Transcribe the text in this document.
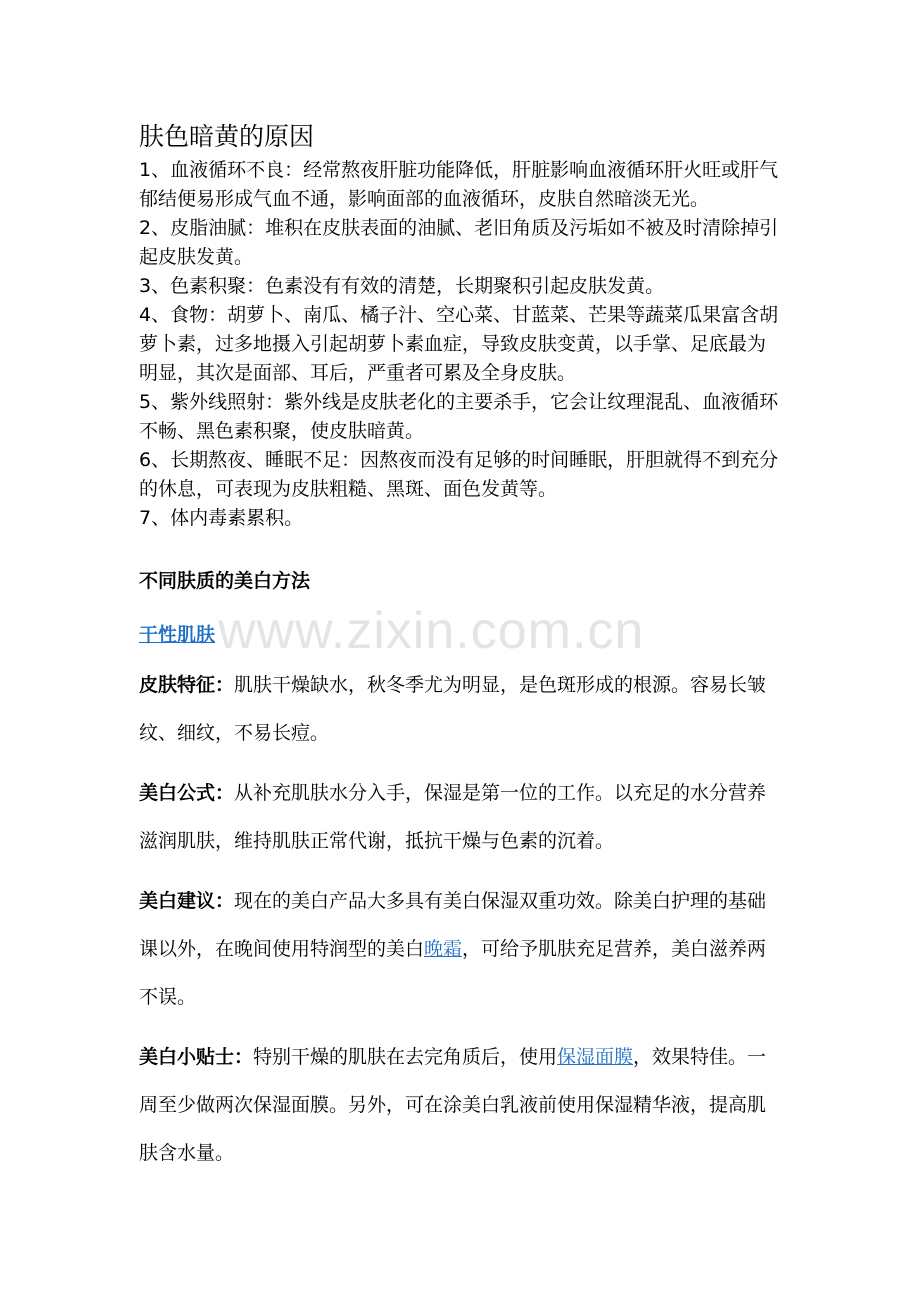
肤色暗黄的原因

1、血液循环不良：经常熬夜肝脏功能降低，肝脏影响血液循环肝火旺或肝气郁结便易形成气血不通，影响面部的血液循环，皮肤自然暗淡无光。

2、皮脂油腻：堆积在皮肤表面的油腻、老旧角质及污垢如不被及时清除掉引起皮肤发黄。

3、色素积聚：色素没有有效的清楚，长期聚积引起皮肤发黄。

4、食物：胡萝卜、南瓜、橘子汁、空心菜、甘蓝菜、芒果等蔬菜瓜果富含胡萝卜素，过多地摄入引起胡萝卜素血症，导致皮肤变黄，以手掌、足底最为明显，其次是面部、耳后，严重者可累及全身皮肤。

5、紫外线照射：紫外线是皮肤老化的主要杀手，它会让纹理混乱、血液循环不畅、黑色素积聚，使皮肤暗黄。

6、长期熬夜、睡眠不足：因熬夜而没有足够的时间睡眠，肝胆就得不到充分的休息，可表现为皮肤粗糙、黑斑、面色发黄等。

7、体内毒素累积。

不同肤质的美白方法
干性肌肤

皮肤特征：肌肤干燥缺水，秋冬季尤为明显，是色斑形成的根源。容易长皱纹、细纹，不易长痘。

美白公式：从补充肌肤水分入手，保湿是第一位的工作。以充足的水分营养滋润肌肤，维持肌肤正常代谢，抵抗干燥与色素的沉着。

美白建议：现在的美白产品大多具有美白保湿双重功效。除美白护理的基础课以外，在晚间使用特润型的美白晚霜，可给予肌肤充足营养，美白滋养两不误。

美白小贴士：特别干燥的肌肤在去完角质后，使用保湿面膜，效果特佳。一周至少做两次保湿面膜。另外，可在涂美白乳液前使用保湿精华液，提高肌肤含水量。

www.zixin.com.cn
